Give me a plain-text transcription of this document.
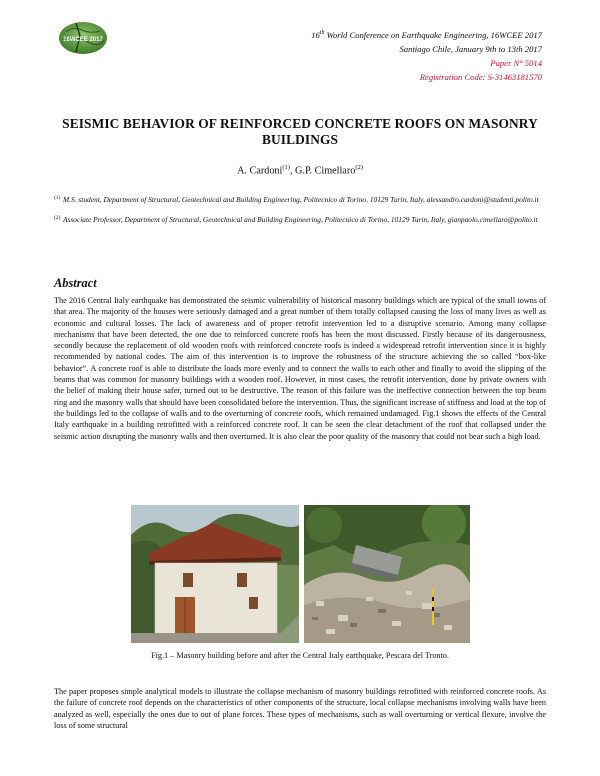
16WCEE 2017
16th World Conference on Earthquake Engineering, 16WCEE 2017
Santiago Chile, January 9th to 13th 2017
Paper N° 5014
Registration Code: S-31463181570
SEISMIC BEHAVIOR OF REINFORCED CONCRETE ROOFS ON MASONRY BUILDINGS
A. Cardoni$^{(1)}$, G.P. Cimellaro$^{(2)}$
(1) M.S. student, Department of Structural, Geotechnical and Building Engineering, Politecnico di Torino, 10129 Turin, Italy, alessandro.cardoni@studenti.polito.it
(2) Associate Professor, Department of Structural, Geotechnical and Building Engineering, Politecnico di Torino, 10129 Turin, Italy, gianpaolo.cimellaro@polito.it
Abstract
The 2016 Central Italy earthquake has demonstrated the seismic vulnerability of historical masonry buildings which are typical of the small towns of that area. The majority of the houses were seriously damaged and a great number of them totally collapsed causing the loss of many lives as well as economic and cultural losses. The lack of awareness and of proper retrofit intervention led to a disruptive scenario. Among many collapse mechanisms that have been detected, the one due to reinforced concrete roofs has been the most discussed. Firstly because of its dangerousness, secondly because the replacement of old wooden roofs with reinforced concrete roofs is indeed a widespread retrofit intervention since it is highly recommended by national codes. The aim of this intervention is to improve the robustness of the structure achieving the so called “box-like behavior”. A concrete roof is able to distribute the loads more evenly and to connect the walls to each other and finally to avoid the slipping of the beams that was common for masonry buildings with a wooden roof. However, in most cases, the retrofit intervention, done by private owners with the belief of making their house safer, turned out to be destructive. The reason of this failure was the ineffective connection between the top beam ring and the masonry walls that should have been consolidated before the intervention. Thus, the significant increase of stiffness and load at the top of the buildings led to the collapse of walls and to the overturning of concrete roofs, which remained undamaged. Fig.1 shows the effects of the Central Italy earthquake in a building retrofitted with a reinforced concrete roof. It can be seen the clear detachment of the roof that collapsed under the seismic action disrupting the masonry walls and then overturned. It is also clear the poor quality of the masonry that could not bear such a high load.
Fig.1 – Masonry building before and after the Central Italy earthquake, Pescara del Tronto.
The paper proposes simple analytical models to illustrate the collapse mechanism of masonry buildings retrofitted with reinforced concrete roofs. As the failure of concrete roof depends on the characteristics of other components of the structure, local collapse mechanisms involving walls have been analyzed as well, especially the ones due to out of plane forces. These types of mechanisms, such as wall overturning or vertical flexure, involve the loss of some structural
